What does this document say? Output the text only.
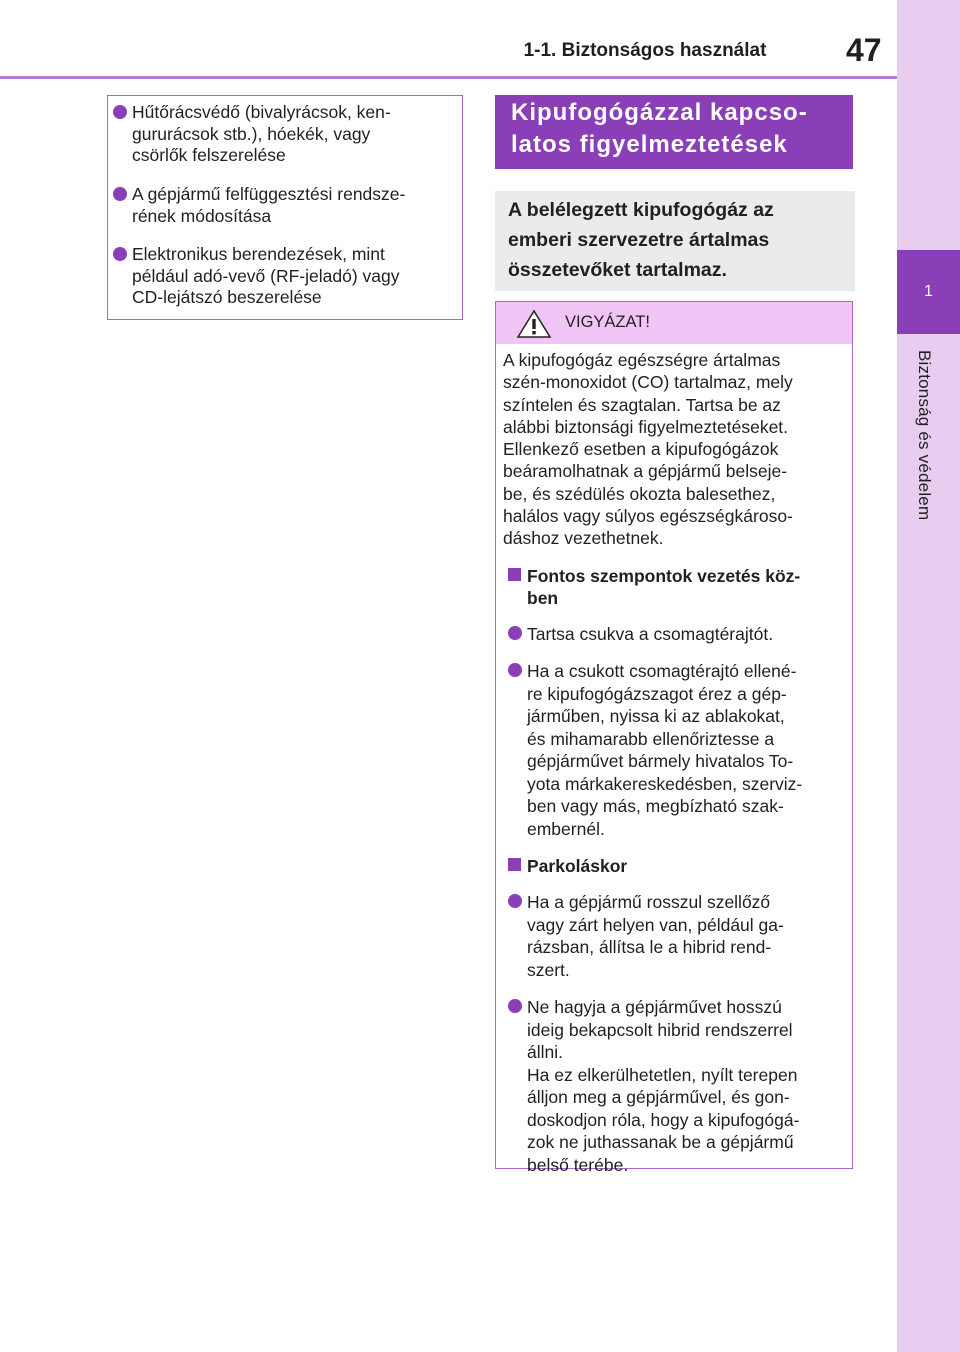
1-1. Biztonságos használat	47
1
Biztonság és védelem

Hűtőrácsvédő (bivalyrácsok, ken-
gururácsok stb.), hóekék, vagy
csörlők felszerelése

A gépjármű felfüggesztési rendsze-
rének módosítása

Elektronikus berendezések, mint
például adó-vevő (RF-jeladó) vagy
CD-lejátszó beszerelése

Kipufogógázzal kapcso-
latos figyelmeztetések
A belélegzett kipufogógáz az
emberi szervezetre ártalmas
összetevőket tartalmaz.
VIGYÁZAT!

A kipufogógáz egészségre ártalmas
szén-monoxidot (CO) tartalmaz, mely
színtelen és szagtalan. Tartsa be az
alábbi biztonsági figyelmeztetéseket.
Ellenkező esetben a kipufogógázok
beáramolhatnak a gépjármű belseje-
be, és szédülés okozta balesethez,
halálos vagy súlyos egészségkároso-
dáshoz vezethetnek.

Fontos szempontok vezetés köz-
ben

Tartsa csukva a csomagtérajtót.

Ha a csukott csomagtérajtó ellené-
re kipufogógázszagot érez a gép-
járműben, nyissa ki az ablakokat,
és mihamarabb ellenőriztesse a
gépjárművet bármely hivatalos To-
yota márkakereskedésben, szerviz-
ben vagy más, megbízható szak-
embernél.

Parkoláskor

Ha a gépjármű rosszul szellőző
vagy zárt helyen van, például ga-
rázsban, állítsa le a hibrid rend-
szert.

Ne hagyja a gépjárművet hosszú
ideig bekapcsolt hibrid rendszerrel
állni.
Ha ez elkerülhetetlen, nyílt terepen
álljon meg a gépjárművel, és gon-
doskodjon róla, hogy a kipufogógá-
zok ne juthassanak be a gépjármű
belső terébe.
